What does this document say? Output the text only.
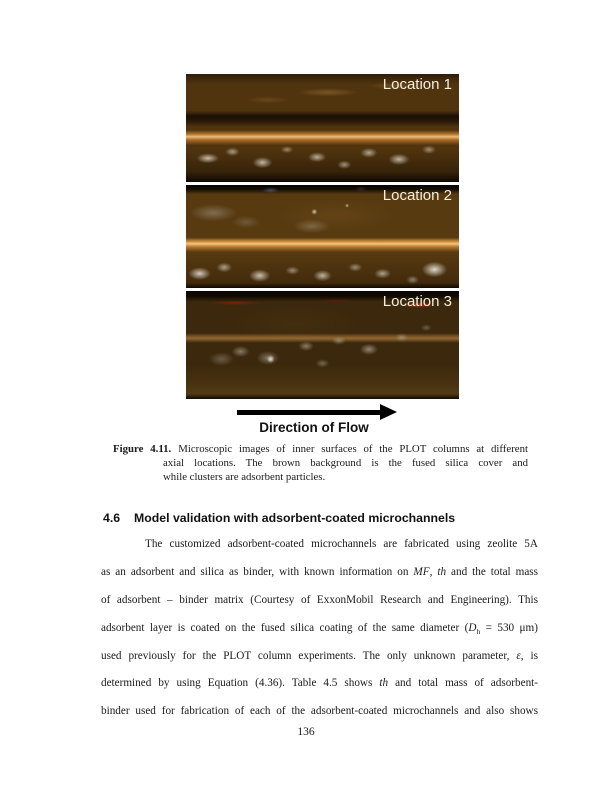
Location 1
Location 2
Location 3
Direction of Flow
Figure 4.11. Microscopic images of inner surfaces of the PLOT columns at different
axial locations. The brown background is the fused silica cover and
while clusters are adsorbent particles.
4.6 Model validation with adsorbent-coated microchannels
The customized adsorbent-coated microchannels are fabricated using zeolite 5A
as an adsorbent and silica as binder, with known information on MF, th and the total mass
of adsorbent – binder matrix (Courtesy of ExxonMobil Research and Engineering). This
adsorbent layer is coated on the fused silica coating of the same diameter ($D_h = 530$ μm)
used previously for the PLOT column experiments. The only unknown parameter, ε, is
determined by using Equation (4.36). Table 4.5 shows th and total mass of adsorbent-
binder used for fabrication of each of the adsorbent-coated microchannels and also shows
136
